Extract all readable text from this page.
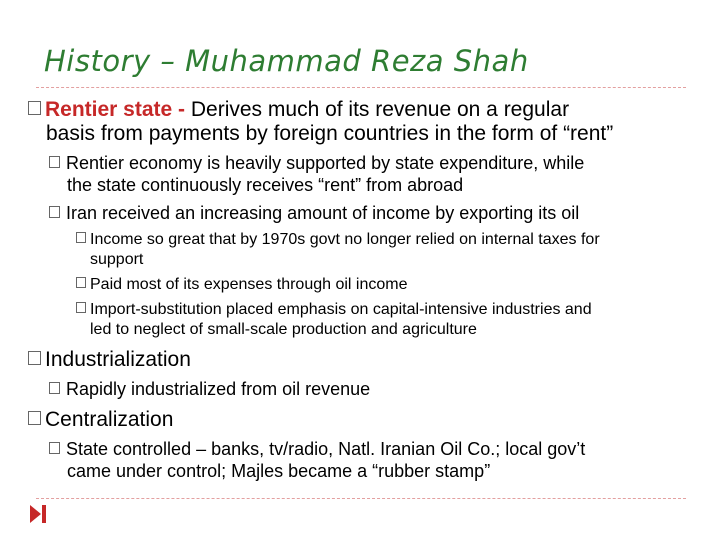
History – Muhammad Reza Shah
Rentier state - Derives much of its revenue on a regular
basis from payments by foreign countries in the form of “rent”
Rentier economy is heavily supported by state expenditure, while
the state continuously receives “rent” from abroad
Iran received an increasing amount of income by exporting its oil
Income so great that by 1970s govt no longer relied on internal taxes for
support
Paid most of its expenses through oil income
Import-substitution placed emphasis on capital-intensive industries and
led to neglect of small-scale production and agriculture
Industrialization
Rapidly industrialized from oil revenue
Centralization
State controlled – banks, tv/radio, Natl. Iranian Oil Co.; local gov’t
came under control; Majles became a “rubber stamp”
